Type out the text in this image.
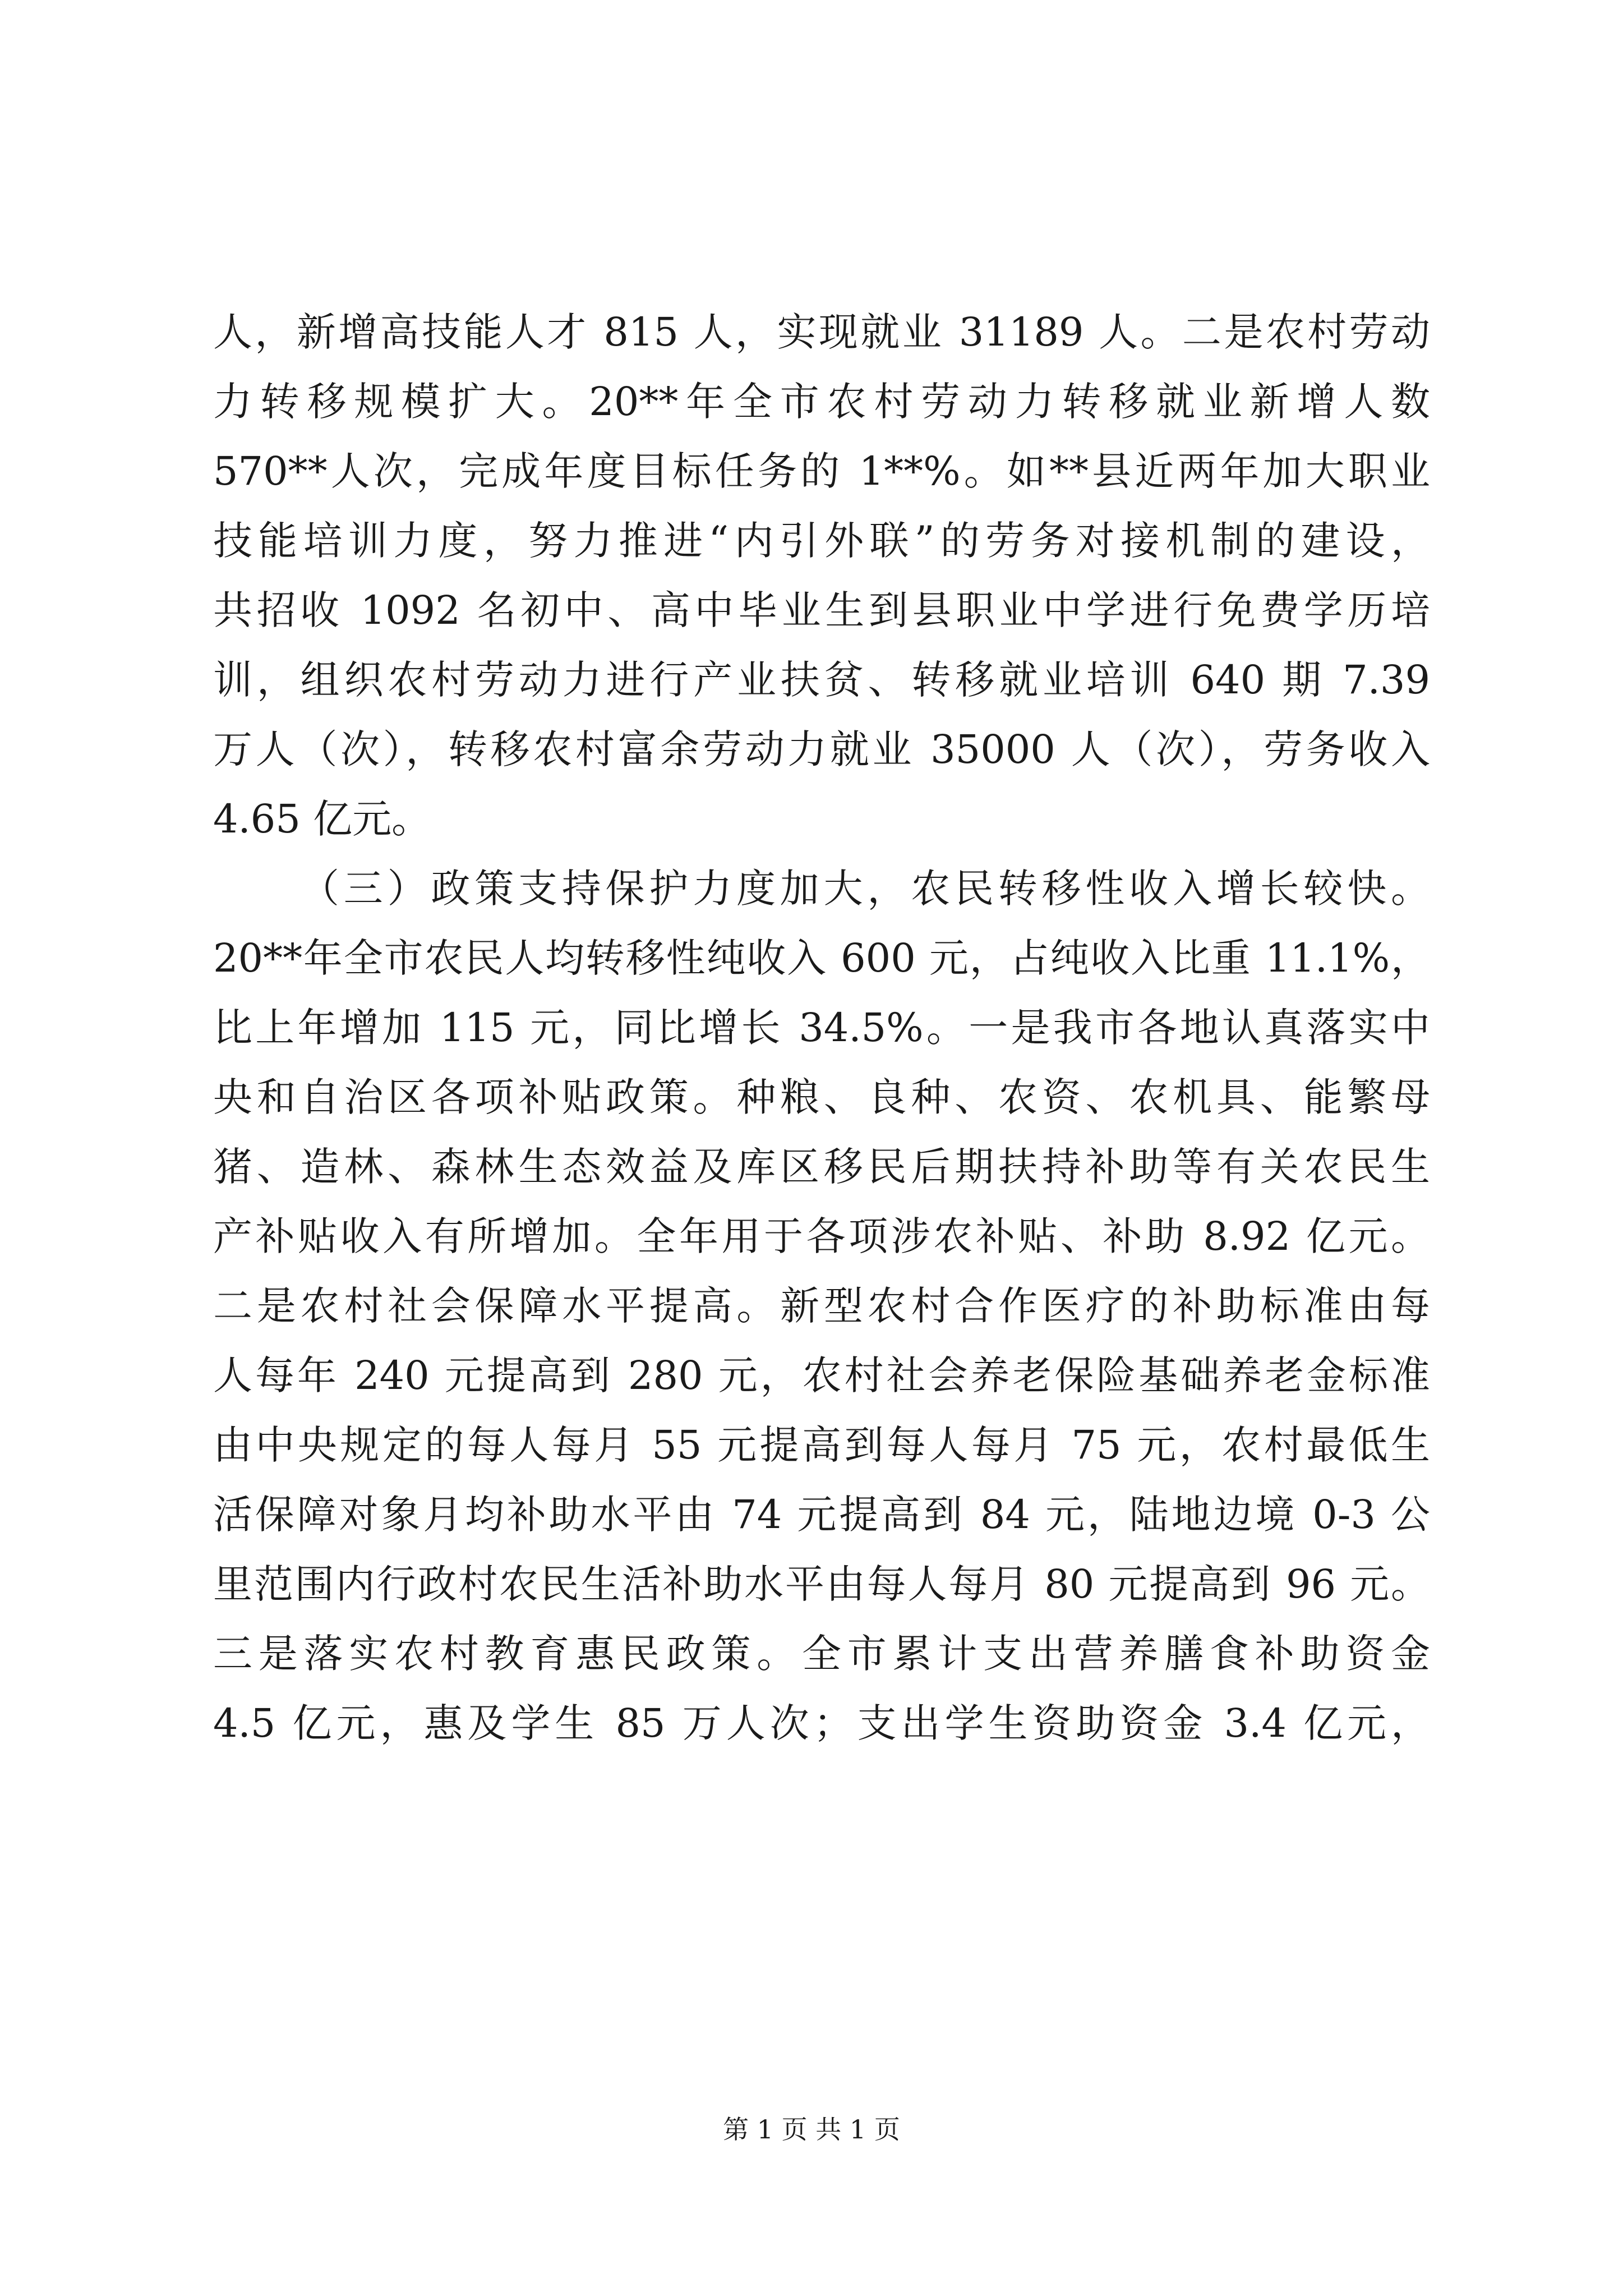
人，新增高技能人才 815 人，实现就业 31189 人。二是农村劳动
力转移规模扩大。20**年全市农村劳动力转移就业新增人数
570**人次，完成年度目标任务的 1**%。如**县近两年加大职业
技能培训力度，努力推进“内引外联”的劳务对接机制的建设，
共招收 1092 名初中、高中毕业生到县职业中学进行免费学历培
训，组织农村劳动力进行产业扶贫、转移就业培训 640 期 7.39
万人（次），转移农村富余劳动力就业 35000 人（次），劳务收入
4.65 亿元。
（三）政策支持保护力度加大，农民转移性收入增长较快。
20**年全市农民人均转移性纯收入 600 元，占纯收入比重 11.1%，
比上年增加 115 元，同比增长 34.5%。一是我市各地认真落实中
央和自治区各项补贴政策。种粮、良种、农资、农机具、能繁母
猪、造林、森林生态效益及库区移民后期扶持补助等有关农民生
产补贴收入有所增加。全年用于各项涉农补贴、补助 8.92 亿元。
二是农村社会保障水平提高。新型农村合作医疗的补助标准由每
人每年 240 元提高到 280 元，农村社会养老保险基础养老金标准
由中央规定的每人每月 55 元提高到每人每月 75 元，农村最低生
活保障对象月均补助水平由 74 元提高到 84 元，陆地边境 0-3 公
里范围内行政村农民生活补助水平由每人每月 80 元提高到 96 元。
三是落实农村教育惠民政策。全市累计支出营养膳食补助资金
4.5 亿元，惠及学生 85 万人次；支出学生资助资金 3.4 亿元，
第 1 页 共 1 页
